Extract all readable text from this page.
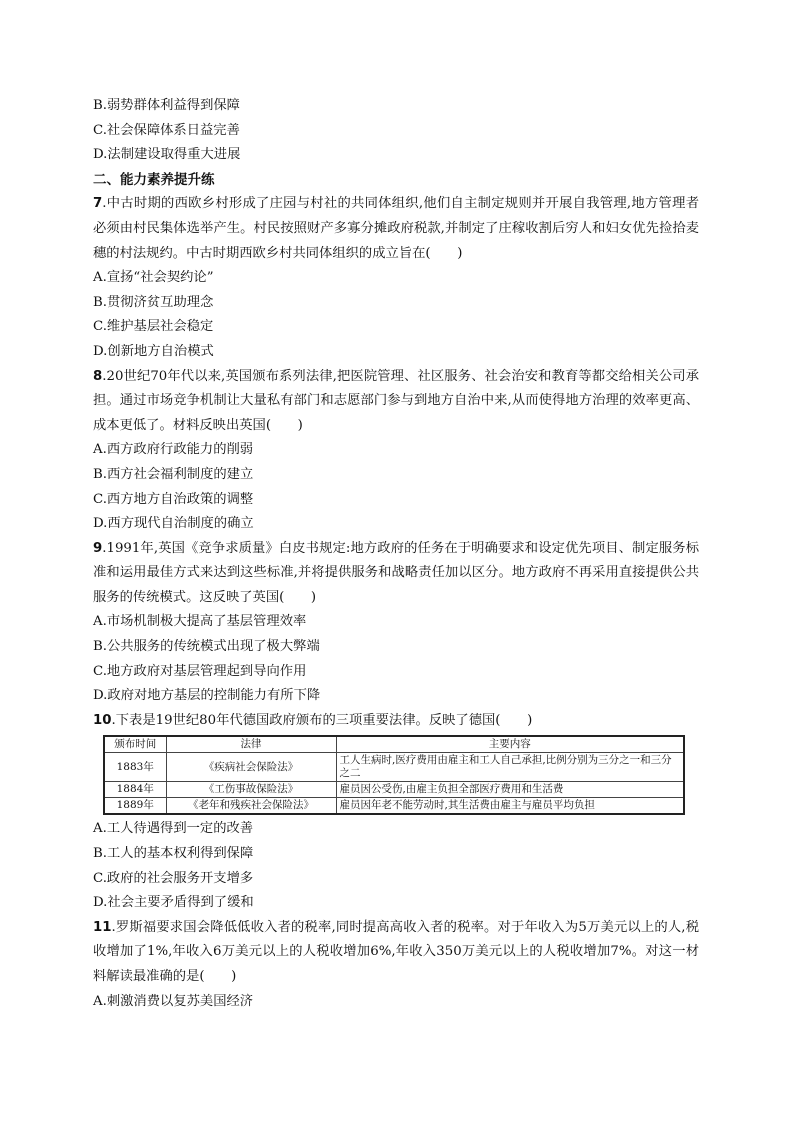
B.弱势群体利益得到保障
C.社会保障体系日益完善
D.法制建设取得重大进展
二、能力素养提升练
7.中古时期的西欧乡村形成了庄园与村社的共同体组织,他们自主制定规则并开展自我管理,地方管理者必须由村民集体选举产生。村民按照财产多寡分摊政府税款,并制定了庄稼收割后穷人和妇女优先捡拾麦穗的村法规约。中古时期西欧乡村共同体组织的成立旨在(　　)
A.宣扬“社会契约论”
B.贯彻济贫互助理念
C.维护基层社会稳定
D.创新地方自治模式
8.20世纪70年代以来,英国颁布系列法律,把医院管理、社区服务、社会治安和教育等都交给相关公司承担。通过市场竞争机制让大量私有部门和志愿部门参与到地方自治中来,从而使得地方治理的效率更高、成本更低了。材料反映出英国(　　)
A.西方政府行政能力的削弱
B.西方社会福利制度的建立
C.西方地方自治政策的调整
D.西方现代自治制度的确立
9.1991年,英国《竞争求质量》白皮书规定:地方政府的任务在于明确要求和设定优先项目、制定服务标准和运用最佳方式来达到这些标准,并将提供服务和战略责任加以区分。地方政府不再采用直接提供公共服务的传统模式。这反映了英国(　　)
A.市场机制极大提高了基层管理效率
B.公共服务的传统模式出现了极大弊端
C.地方政府对基层管理起到导向作用
D.政府对地方基层的控制能力有所下降
10.下表是19世纪80年代德国政府颁布的三项重要法律。反映了德国(　　)
颁布时间	法律	主要内容
1883年	《疾病社会保险法》	工人生病时,医疗费用由雇主和工人自己承担,比例分别为三分之一和三分之二
1884年	《工伤事故保险法》	雇员因公受伤,由雇主负担全部医疗费用和生活费
1889年	《老年和残疾社会保险法》	雇员因年老不能劳动时,其生活费由雇主与雇员平均负担
A.工人待遇得到一定的改善
B.工人的基本权利得到保障
C.政府的社会服务开支增多
D.社会主要矛盾得到了缓和
11.罗斯福要求国会降低低收入者的税率,同时提高高收入者的税率。对于年收入为5万美元以上的人,税收增加了1%,年收入6万美元以上的人税收增加6%,年收入350万美元以上的人税收增加7%。对这一材料解读最准确的是(　　)
A.刺激消费以复苏美国经济
